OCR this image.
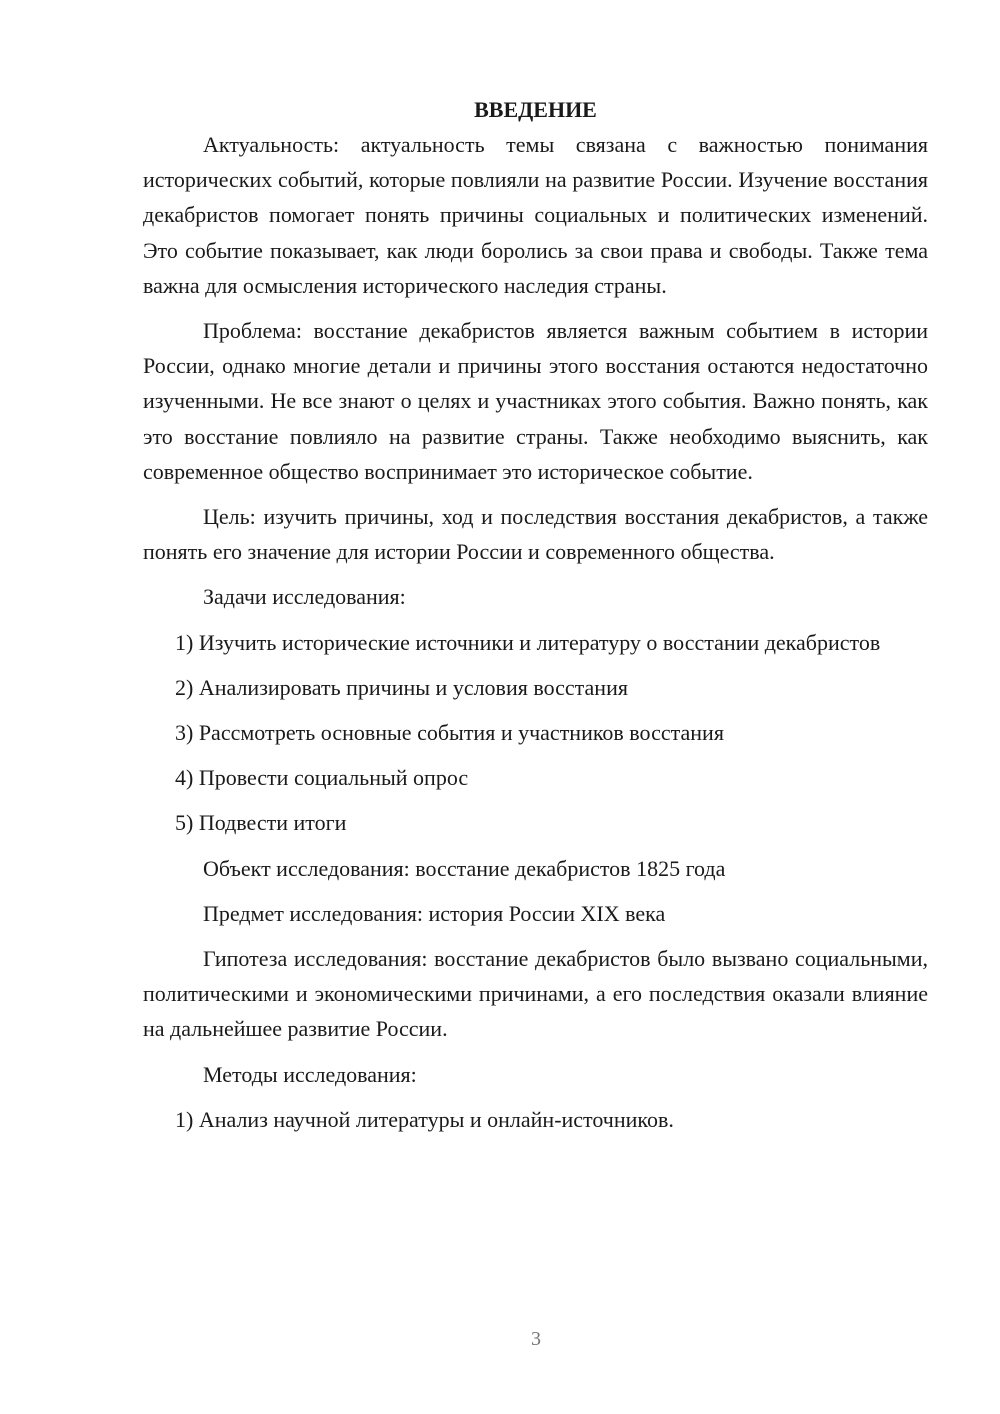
ВВЕДЕНИЕ

Актуальность: актуальность темы связана с важностью понимания исторических событий, которые повлияли на развитие России. Изучение восстания декабристов помогает понять причины социальных и политических изменений. Это событие показывает, как люди боролись за свои права и свободы. Также тема важна для осмысления исторического наследия страны.

Проблема: восстание декабристов является важным событием в истории России, однако многие детали и причины этого восстания остаются недостаточно изученными. Не все знают о целях и участниках этого события. Важно понять, как это восстание повлияло на развитие страны. Также необходимо выяснить, как современное общество воспринимает это историческое событие.

Цель: изучить причины, ход и последствия восстания декабристов, а также понять его значение для истории России и современного общества.

Задачи исследования:

1) Изучить исторические источники и литературу о восстании декабристов

2) Анализировать причины и условия восстания

3) Рассмотреть основные события и участников восстания

4) Провести социальный опрос

5) Подвести итоги

Объект исследования: восстание декабристов 1825 года

Предмет исследования: история России XIX века

Гипотеза исследования: восстание декабристов было вызвано социальными, политическими и экономическими причинами, а его последствия оказали влияние на дальнейшее развитие России.

Методы исследования:

1) Анализ научной литературы и онлайн-источников.

3
